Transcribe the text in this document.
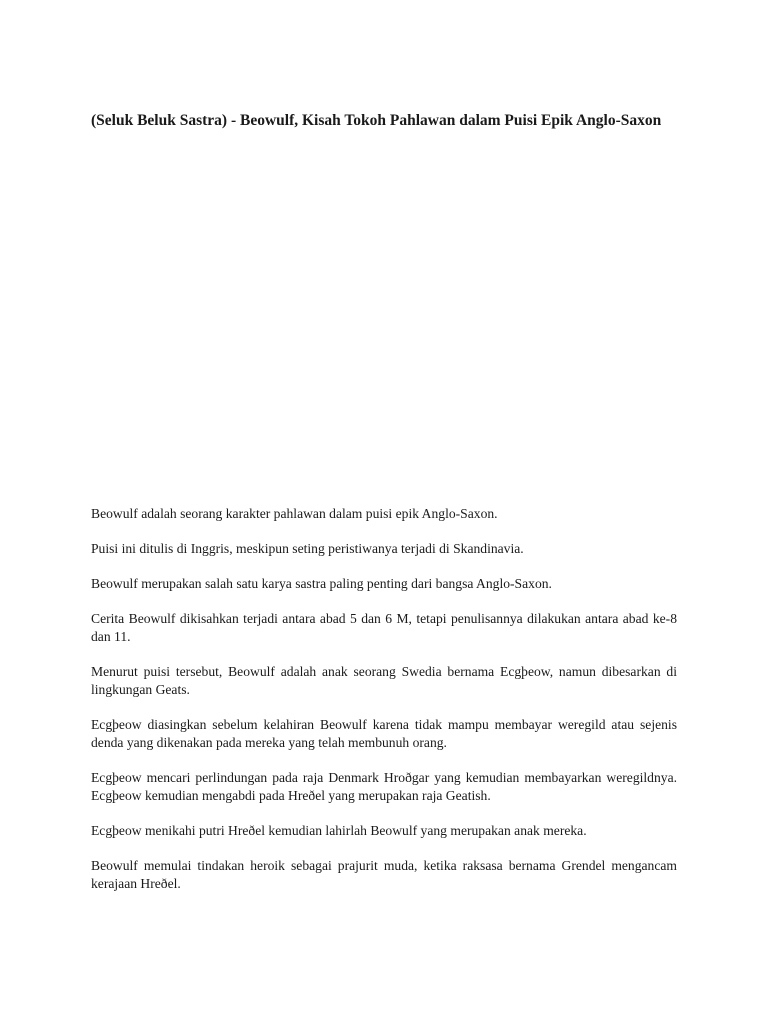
(Seluk Beluk Sastra) - Beowulf, Kisah Tokoh Pahlawan dalam Puisi Epik Anglo-Saxon

Beowulf adalah seorang karakter pahlawan dalam puisi epik Anglo-Saxon.

Puisi ini ditulis di Inggris, meskipun seting peristiwanya terjadi di Skandinavia.

Beowulf merupakan salah satu karya sastra paling penting dari bangsa Anglo-Saxon.

Cerita Beowulf dikisahkan terjadi antara abad 5 dan 6 M, tetapi penulisannya dilakukan antara abad ke-8 dan 11.

Menurut puisi tersebut, Beowulf adalah anak seorang Swedia bernama Ecgþeow, namun dibesarkan di lingkungan Geats.

Ecgþeow diasingkan sebelum kelahiran Beowulf karena tidak mampu membayar weregild atau sejenis denda yang dikenakan pada mereka yang telah membunuh orang.

Ecgþeow mencari perlindungan pada raja Denmark Hroðgar yang kemudian membayarkan weregildnya. Ecgþeow kemudian mengabdi pada Hreðel yang merupakan raja Geatish.

Ecgþeow menikahi putri Hreðel kemudian lahirlah Beowulf yang merupakan anak mereka.

Beowulf memulai tindakan heroik sebagai prajurit muda, ketika raksasa bernama Grendel mengancam kerajaan Hreðel.
